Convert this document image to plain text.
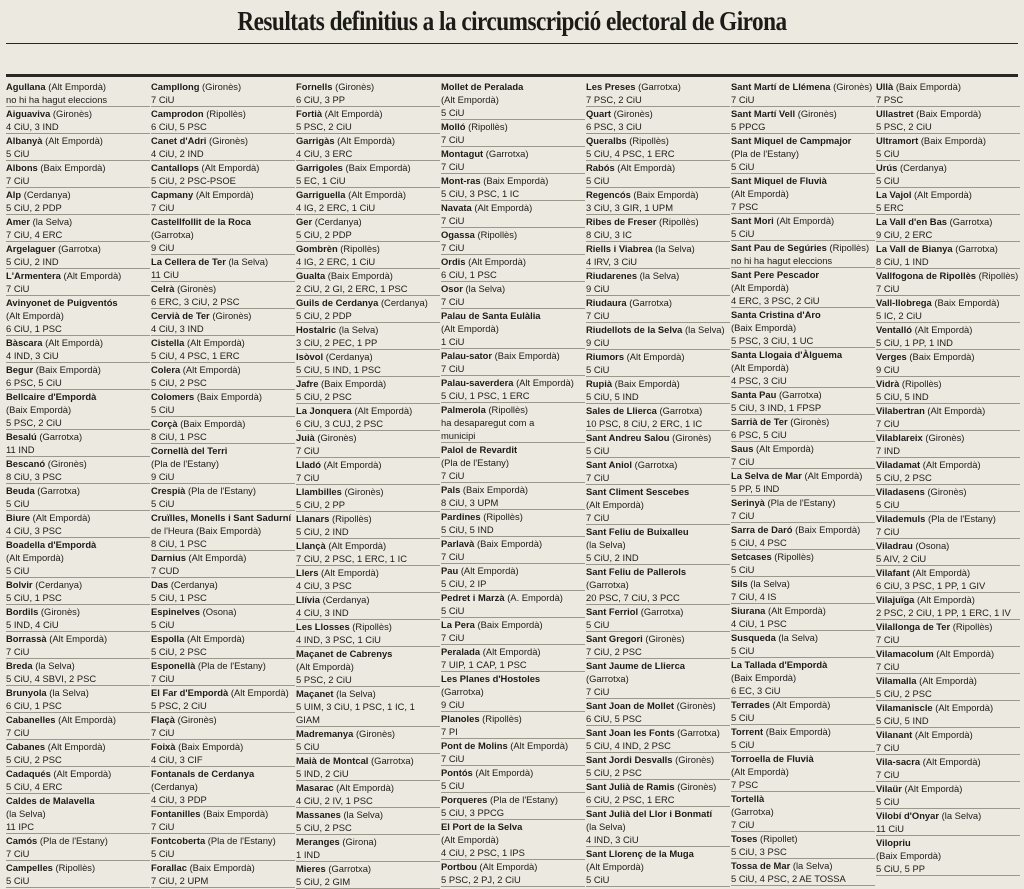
Resultats definitius a la circumscripció electoral de Girona
Agullana (Alt Empordà)
no hi ha hagut eleccions
Aiguaviva (Gironès)
4 CiU, 3 IND
Albanyà (Alt Empordà)
5 CiU
Albons (Baix Empordà)
7 CiU
Alp (Cerdanya)
5 CiU, 2 PDP
Amer (la Selva)
7 CiU, 4 ERC
Argelaguer (Garrotxa)
5 CiU, 2 IND
L'Armentera (Alt Empordà)
7 CiU
Avinyonet de Puigventós
(Alt Empordà)
6 CiU, 1 PSC
Bàscara (Alt Empordà)
4 IND, 3 CiU
Begur (Baix Empordà)
6 PSC, 5 CiU
Bellcaire d'Empordà
(Baix Empordà)
5 PSC, 2 CiU
Besalú (Garrotxa)
11 IND
Bescanó (Gironès)
8 CiU, 3 PSC
Beuda (Garrotxa)
5 CiU
Biure (Alt Empordà)
4 CiU, 3 PSC
Boadella d'Empordà
(Alt Empordà)
5 CiU
Bolvir (Cerdanya)
5 CiU, 1 PSC
Bordils (Gironès)
5 IND, 4 CiU
Borrassà (Alt Empordà)
7 CiU
Breda (la Selva)
5 CiU, 4 SBVI, 2 PSC
Brunyola (la Selva)
6 CiU, 1 PSC
Cabanelles (Alt Empordà)
7 CiU
Cabanes (Alt Empordà)
5 CiU, 2 PSC
Cadaqués (Alt Empordà)
5 CiU, 4 ERC
Caldes de Malavella
(la Selva)
11 IPC
Camós (Pla de l'Estany)
7 CiU
Campelles (Ripollès)
5 CiU
Campllong (Gironès)
7 CiU
Camprodon (Ripollès)
6 CiU, 5 PSC
Canet d'Adri (Gironès)
4 CiU, 2 IND
Cantallops (Alt Empordà)
5 CiU, 2 PSC-PSOE
Capmany (Alt Empordà)
7 CiU
Castellfollit de la Roca
(Garrotxa)
9 CiU
La Cellera de Ter (la Selva)
11 CiU
Celrà (Gironès)
6 ERC, 3 CiU, 2 PSC
Cervià de Ter (Gironès)
4 CiU, 3 IND
Cistella (Alt Empordà)
5 CiU, 4 PSC, 1 ERC
Colera (Alt Empordà)
5 CiU, 2 PSC
Colomers (Baix Empordà)
5 CiU
Corçà (Baix Empordà)
8 CiU, 1 PSC
Cornellà del Terri
(Pla de l'Estany)
9 CiU
Crespià (Pla de l'Estany)
5 CiU
Cruïlles, Monells i Sant Sadurní
de l'Heura (Baix Empordà)
8 CiU, 1 PSC
Darnius (Alt Empordà)
7 CUD
Das (Cerdanya)
5 CiU, 1 PSC
Espinelves (Osona)
5 CiU
Espolla (Alt Empordà)
5 CiU, 2 PSC
Esponellà (Pla de l'Estany)
7 CiU
El Far d'Empordà (Alt Empordà)
5 PSC, 2 CiU
Flaçà (Gironès)
7 CiU
Foixà (Baix Empordà)
4 CiU, 3 CIF
Fontanals de Cerdanya
(Cerdanya)
4 CiU, 3 PDP
Fontanilles (Baix Empordà)
7 CiU
Fontcoberta (Pla de l'Estany)
5 CiU
Forallac (Baix Empordà)
7 CiU, 2 UPM
Fornells (Gironès)
6 CiU, 3 PP
Fortià (Alt Empordà)
5 PSC, 2 CiU
Garrigàs (Alt Empordà)
4 CiU, 3 ERC
Garrigoles (Baix Empordà)
5 EC, 1 CiU
Garriguella (Alt Empordà)
4 IG, 2 ERC, 1 CiU
Ger (Cerdanya)
5 CiU, 2 PDP
Gombrèn (Ripollès)
4 IG, 2 ERC, 1 CiU
Gualta (Baix Empordà)
2 CiU, 2 GI, 2 ERC, 1 PSC
Guils de Cerdanya (Cerdanya)
5 CiU, 2 PDP
Hostalric (la Selva)
3 CiU, 2 PEC, 1 PP
Isòvol (Cerdanya)
5 CiU, 5 IND, 1 PSC
Jafre (Baix Empordà)
5 CiU, 2 PSC
La Jonquera (Alt Empordà)
6 CiU, 3 CUJ, 2 PSC
Juià (Gironès)
7 CiU
Lladó (Alt Empordà)
7 CiU
Llambilles (Gironès)
5 CiU, 2 PP
Llanars (Ripollès)
5 CiU, 2 IND
Llançà (Alt Empordà)
7 CiU, 2 PSC, 1 ERC, 1 IC
Llers (Alt Empordà)
4 CiU, 3 PSC
Llívia (Cerdanya)
4 CiU, 3 IND
Les Llosses (Ripollès)
4 IND, 3 PSC, 1 CiU
Maçanet de Cabrenys
(Alt Empordà)
5 PSC, 2 CiU
Maçanet (la Selva)
5 UIM, 3 CiU, 1 PSC, 1 IC, 1
GIAM
Madremanya (Gironès)
5 CiU
Maià de Montcal (Garrotxa)
5 IND, 2 CiU
Masarac (Alt Empordà)
4 CiU, 2 IV, 1 PSC
Massanes (la Selva)
5 CiU, 2 PSC
Meranges (Girona)
1 IND
Mieres (Garrotxa)
5 CiU, 2 GIM
Mollet de Peralada
(Alt Empordà)
5 CiU
Molló (Ripollès)
7 CiU
Montagut (Garrotxa)
7 CiU
Mont-ras (Baix Empordà)
5 CiU, 3 PSC, 1 IC
Navata (Alt Empordà)
7 CiU
Ogassa (Ripollès)
7 CiU
Ordis (Alt Empordà)
6 CiU, 1 PSC
Osor (la Selva)
7 CiU
Palau de Santa Eulàlia
(Alt Empordà)
1 CiU
Palau-sator (Baix Empordà)
7 CiU
Palau-saverdera (Alt Empordà)
5 CiU, 1 PSC, 1 ERC
Palmerola (Ripollès)
ha desaparegut com a
municipi
Palol de Revardit
(Pla de l'Estany)
7 CiU
Pals (Baix Empordà)
8 CiU, 3 UPM
Pardines (Ripollès)
5 CiU, 5 IND
Parlavà (Baix Empordà)
7 CiU
Pau (Alt Empordà)
5 CiU, 2 IP
Pedret i Marzà (A. Empordà)
5 CiU
La Pera (Baix Empordà)
7 CiU
Peralada (Alt Empordà)
7 UIP, 1 CAP, 1 PSC
Les Planes d'Hostoles
(Garrotxa)
9 CiU
Planoles (Ripollès)
7 PI
Pont de Molins (Alt Empordà)
7 CiU
Pontós (Alt Empordà)
5 CiU
Porqueres (Pla de l'Estany)
5 CiU, 3 PPCG
El Port de la Selva
(Alt Empordà)
4 CiU, 2 PSC, 1 IPS
Portbou (Alt Empordà)
5 PSC, 2 PJ, 2 CiU
Les Preses (Garrotxa)
7 PSC, 2 CiU
Quart (Gironès)
6 PSC, 3 CiU
Queralbs (Ripollès)
5 CiU, 4 PSC, 1 ERC
Rabós (Alt Empordà)
5 CiU
Regencós (Baix Empordà)
3 CiU, 3 GIR, 1 UPM
Ribes de Freser (Ripollès)
8 CiU, 3 IC
Riells i Viabrea (la Selva)
4 IRV, 3 CiU
Riudarenes (la Selva)
9 CiU
Riudaura (Garrotxa)
7 CiU
Riudellots de la Selva (la Selva)
9 CiU
Riumors (Alt Empordà)
5 CiU
Rupià (Baix Empordà)
5 CiU, 5 IND
Sales de Llierca (Garrotxa)
10 PSC, 8 CiU, 2 ERC, 1 IC
Sant Andreu Salou (Gironès)
5 CiU
Sant Aniol (Garrotxa)
7 CiU
Sant Climent Sescebes
(Alt Empordà)
7 CiU
Sant Feliu de Buixalleu
(la Selva)
5 CiU, 2 IND
Sant Feliu de Pallerols
(Garrotxa)
20 PSC, 7 CiU, 3 PCC
Sant Ferriol (Garrotxa)
5 CiU
Sant Gregori (Gironès)
7 CiU, 2 PSC
Sant Jaume de Llierca
(Garrotxa)
7 CiU
Sant Joan de Mollet (Gironès)
6 CiU, 5 PSC
Sant Joan les Fonts (Garrotxa)
5 CiU, 4 IND, 2 PSC
Sant Jordi Desvalls (Gironès)
5 CiU, 2 PSC
Sant Julià de Ramis (Gironès)
6 CiU, 2 PSC, 1 ERC
Sant Julià del Llor i Bonmatí
(la Selva)
4 IND, 3 CiU
Sant Llorenç de la Muga
(Alt Empordà)
5 CiU
Sant Martí de Llémena (Gironès)
7 CiU
Sant Martí Vell (Gironès)
5 PPCG
Sant Miquel de Campmajor
(Pla de l'Estany)
5 CiU
Sant Miquel de Fluvià
(Alt Empordà)
7 PSC
Sant Mori (Alt Empordà)
5 CiU
Sant Pau de Segúries (Ripollès)
no hi ha hagut eleccions
Sant Pere Pescador
(Alt Empordà)
4 ERC, 3 PSC, 2 CiU
Santa Cristina d'Aro
(Baix Empordà)
5 PSC, 3 CiU, 1 UC
Santa Llogaia d'Àlguema
(Alt Empordà)
4 PSC, 3 CiU
Santa Pau (Garrotxa)
5 CiU, 3 IND, 1 FPSP
Sarrià de Ter (Gironès)
6 PSC, 5 CiU
Saus (Alt Empordà)
7 CiU
La Selva de Mar (Alt Empordà)
5 PP, 5 IND
Serinyà (Pla de l'Estany)
7 CiU
Sarra de Daró (Baix Empordà)
5 CiU, 4 PSC
Setcases (Ripollès)
5 CiU
Sils (la Selva)
7 CiU, 4 IS
Siurana (Alt Empordà)
4 CiU, 1 PSC
Susqueda (la Selva)
5 CiU
La Tallada d'Empordà
(Baix Empordà)
6 EC, 3 CiU
Terrades (Alt Empordà)
5 CiU
Torrent (Baix Empordà)
5 CiU
Torroella de Fluvià
(Alt Empordà)
7 PSC
Tortellà
(Garrotxa)
7 CiU
Toses (Ripollet)
5 CiU, 3 PSC
Tossa de Mar (la Selva)
5 CiU, 4 PSC, 2 AE TOSSA
Ullà (Baix Empordà)
7 PSC
Ullastret (Baix Empordà)
5 PSC, 2 CiU
Ultramort (Baix Empordà)
5 CiU
Urús (Cerdanya)
5 CiU
La Vajol (Alt Empordà)
5 ERC
La Vall d'en Bas (Garrotxa)
9 CiU, 2 ERC
La Vall de Bianya (Garrotxa)
8 CiU, 1 IND
Vallfogona de Ripollès (Ripollès)
7 CiU
Vall-llobrega (Baix Empordà)
5 IC, 2 CiU
Ventalló (Alt Empordà)
5 CiU, 1 PP, 1 IND
Verges (Baix Empordà)
9 CiU
Vidrà (Ripollès)
5 CiU, 5 IND
Vilabertran (Alt Empordà)
7 CiU
Vilablareix (Gironès)
7 IND
Viladamat (Alt Empordà)
5 CiU, 2 PSC
Viladasens (Gironès)
5 CiU
Vilademuls (Pla de l'Estany)
7 CiU
Viladrau (Osona)
5 AIV, 2 CiU
Vilafant (Alt Empordà)
6 CiU, 3 PSC, 1 PP, 1 GIV
Vilajuïga (Alt Empordà)
2 PSC, 2 CiU, 1 PP, 1 ERC, 1 IV
Vilallonga de Ter (Ripollès)
7 CiU
Vilamacolum (Alt Empordà)
7 CiU
Vilamalla (Alt Empordà)
5 CiU, 2 PSC
Vilamaniscle (Alt Empordà)
5 CiU, 5 IND
Vilanant (Alt Empordà)
7 CiU
Vila-sacra (Alt Empordà)
7 CiU
Vilaür (Alt Empordà)
5 CiU
Vilobí d'Onyar (la Selva)
11 CiU
Vilopriu
(Baix Empordà)
5 CiU, 5 PP
